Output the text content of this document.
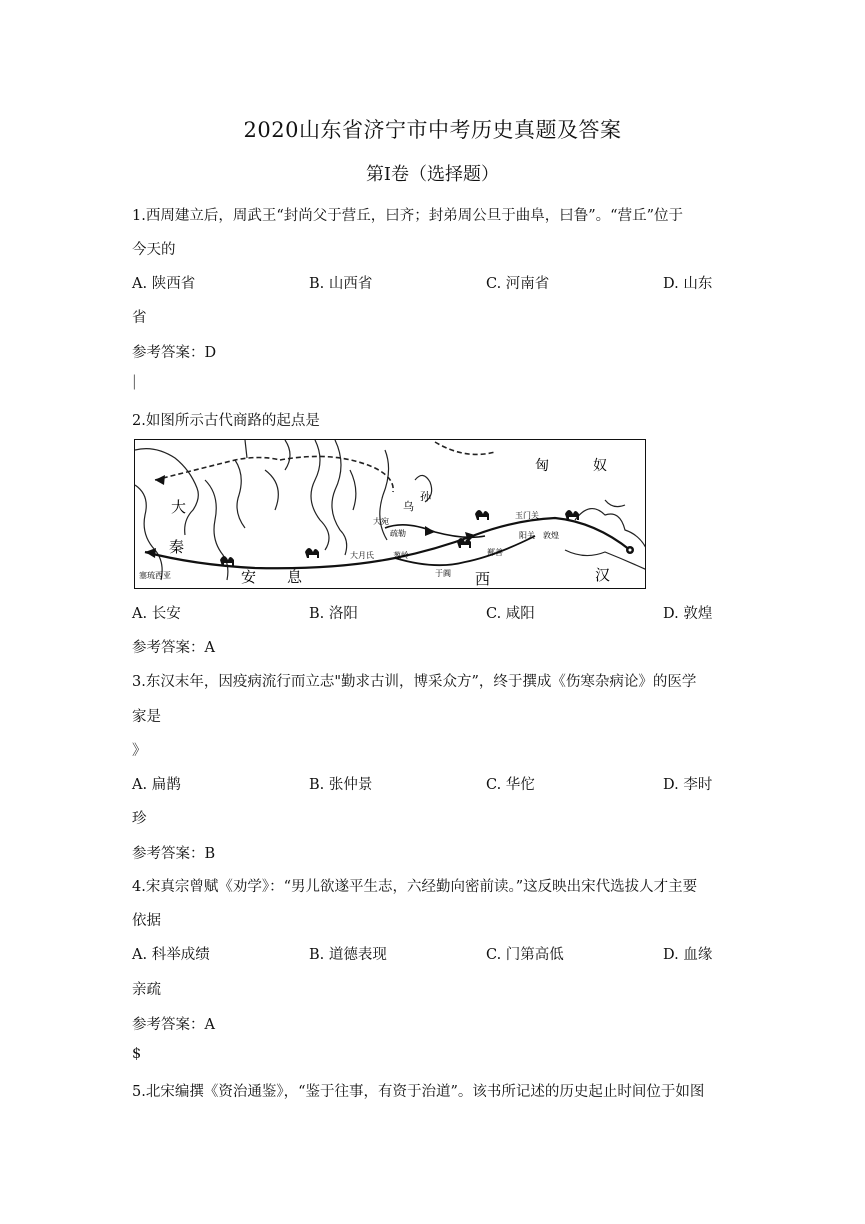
2020山东省济宁市中考历史真题及答案
第Ⅰ卷（选择题）
1.西周建立后，周武王“封尚父于营丘，曰齐；封弟周公旦于曲阜，曰鲁”。“营丘”位于
今天的
A. 陕西省	B. 山西省	C. 河南省	D. 山东
省
参考答案：D
|
2.如图所示古代商路的起点是
匈	奴
大
秦
安 息	西	汉
乌
孙
大宛
疏勒
大月氏 葱岭	鄯善
于阗
玉门关
阳关 敦煌
塞琉西亚
A. 长安	B. 洛阳	C. 咸阳	D. 敦煌
参考答案：A
3.东汉末年，因疫病流行而立志"勤求古训，博采众方”，终于撰成《伤寒杂病论》的医学
家是
》
A. 扁鹊	B. 张仲景	C. 华佗	D. 李时
珍
参考答案：B
4.宋真宗曾赋《劝学》：“男儿欲遂平生志，六经勤向密前读。”这反映出宋代选拔人才主要
依据
A. 科举成绩	B. 道德表现	C. 门第高低	D. 血缘
亲疏
参考答案：A
$
5.北宋编撰《资治通鉴》，“鉴于往事，有资于治道”。该书所记述的历史起止时间位于如图
